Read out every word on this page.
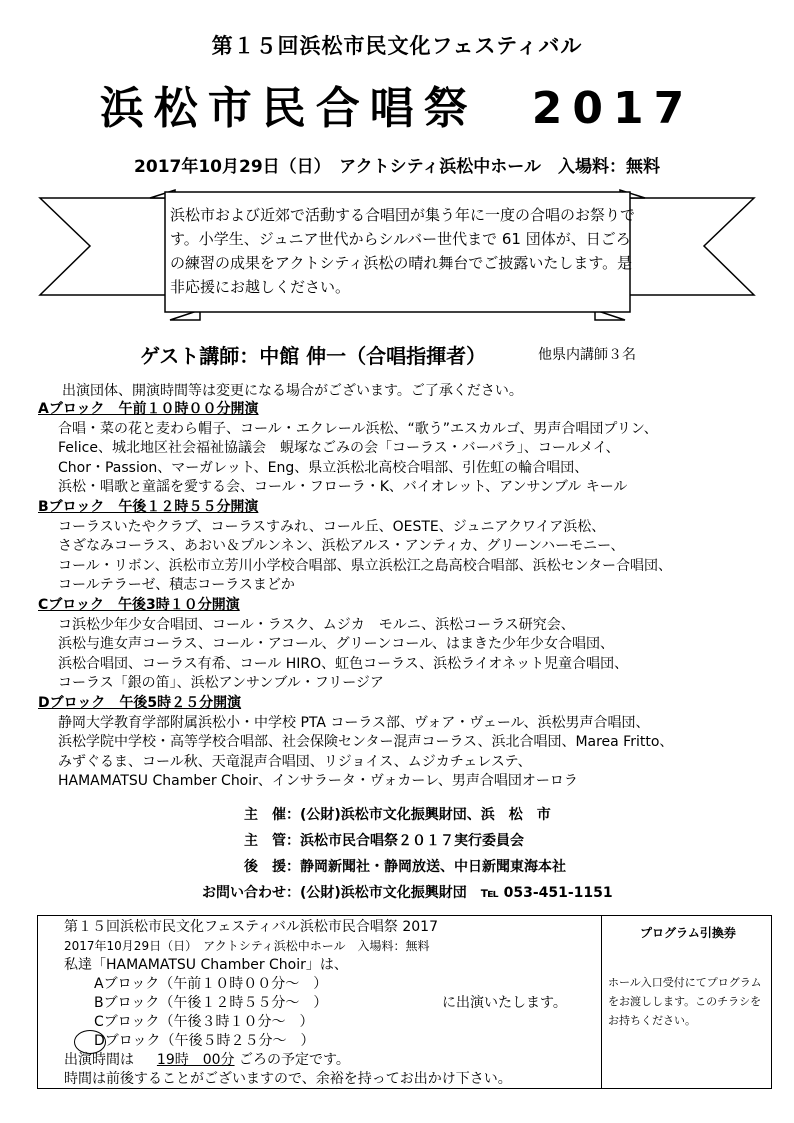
第１５回浜松市民文化フェスティバル
浜松市民合唱祭　2017
2017年10月29日（日）　アクトシティ浜松中ホール　入場料：無料
浜松市および近郊で活動する合唱団が集う年に一度の合唱のお祭りです。小学生、ジュニア世代からシルバー世代まで 61 団体が、日ごろの練習の成果をアクトシティ浜松の晴れ舞台でご披露いたします。是非応援にお越しください。
ゲスト講師：中館 伸一（合唱指揮者）	他県内講師３名
出演団体、開演時間等は変更になる場合がございます。ご了承ください。
Aブロック　午前１０時００分開演
合唱・菜の花と麦わら帽子、コール・エクレール浜松、“歌う”エスカルゴ、男声合唱団プリン、
Felice、城北地区社会福祉協議会　蜆塚なごみの会「コーラス・バーバラ」、コールメイ、
Chor・Passion、マーガレット、Eng、県立浜松北高校合唱部、引佐虹の輪合唱団、
浜松・唱歌と童謡を愛する会、コール・フローラ・K、バイオレット、アンサンブル キール
Bブロック　午後１２時５５分開演
コーラスいたやクラブ、コーラスすみれ、コール丘、OESTE、ジュニアクワイア浜松、
さざなみコーラス、あおい＆プルンネン、浜松アルス・アンティカ、グリーンハーモニー、
コール・リボン、浜松市立芳川小学校合唱部、県立浜松江之島高校合唱部、浜松センター合唱団、
コールテラーゼ、積志コーラスまどか
Cブロック　午後3時１０分開演
コ浜松少年少女合唱団、コール・ラスク、ムジカ　モルニ、浜松コーラス研究会、
浜松与進女声コーラス、コール・アコール、グリーンコール、はまきた少年少女合唱団、
浜松合唱団、コーラス有希、コール HIRO、虹色コーラス、浜松ライオネット児童合唱団、
コーラス「銀の笛」、浜松アンサンブル・フリージア
Dブロック　午後5時２５分開演
静岡大学教育学部附属浜松小・中学校 PTA コーラス部、ヴォア・ヴェール、浜松男声合唱団、
浜松学院中学校・高等学校合唱部、社会保険センター混声コーラス、浜北合唱団、Marea Fritto、
みずぐるま、コール秋、天竜混声合唱団、リジョイス、ムジカチェレステ、
HAMAMATSU Chamber Choir、インサラータ・ヴォカーレ、男声合唱団オーロラ
主　催： (公財)浜松市文化振興財団、浜　松　市
主　管： 浜松市民合唱祭２０１７実行委員会
後　援： 静岡新聞社・静岡放送、中日新聞東海本社
お問い合わせ： (公財)浜松市文化振興財団　℡ 053-451-1151
第１５回浜松市民文化フェスティバル浜松市民合唱祭 2017
2017年10月29日（日）　アクトシティ浜松中ホール　入場料：無料
私達「HAMAMATSU Chamber Choir」は、
Aブロック（午前１０時００分～　）
Bブロック（午後１２時５５分～　）	に出演いたします。
Cブロック（午後３時１０分～　）
Dブロック（午後５時２５分～　）
出演時間は 19時　00分 ごろの予定です。
時間は前後することがございますので、余裕を持ってお出かけ下さい。
プログラム引換券
ホール入口受付にてプログラムをお渡しします。このチラシをお持ちください。
